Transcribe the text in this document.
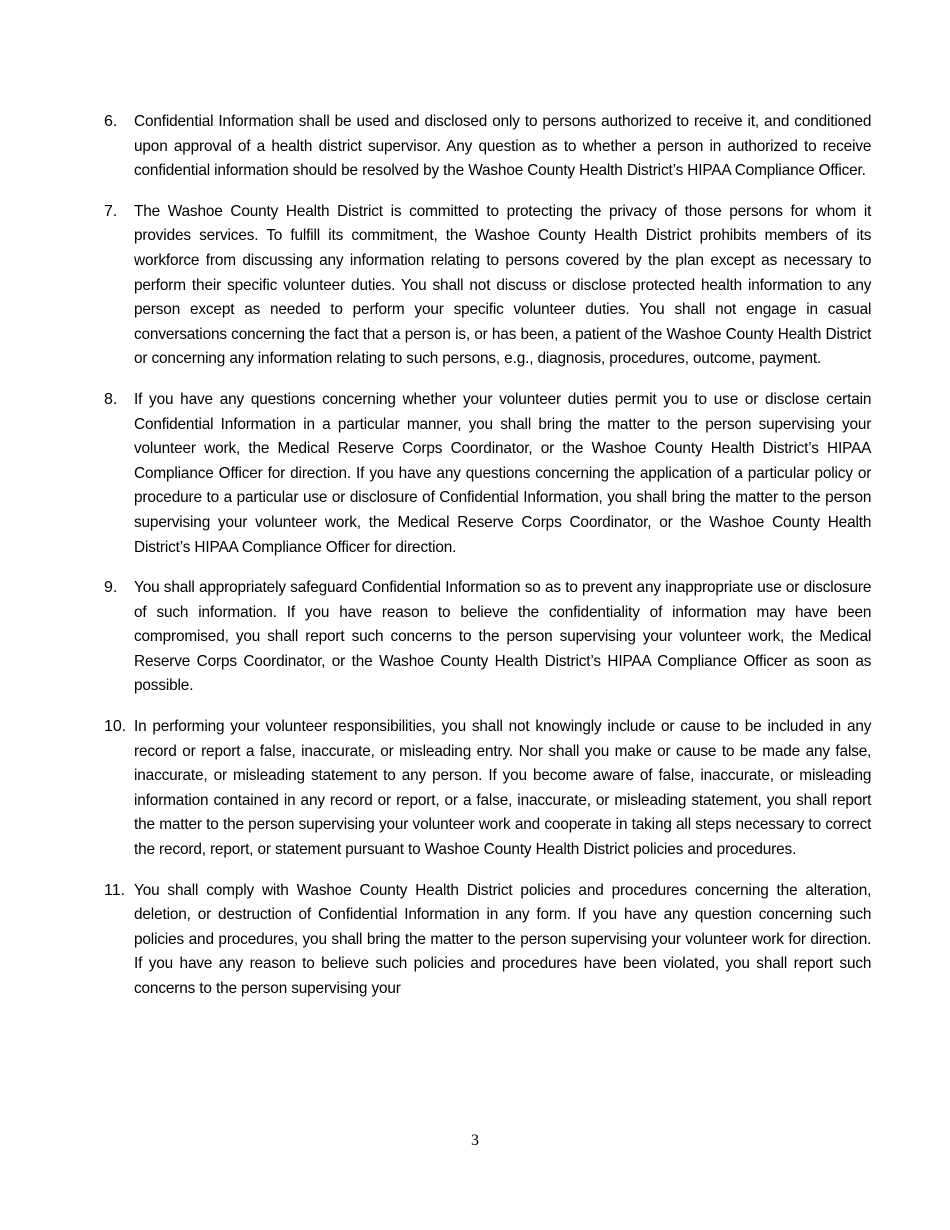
6.	Confidential Information shall be used and disclosed only to persons authorized to receive it, and conditioned upon approval of a health district supervisor. Any question as to whether a person in authorized to receive confidential information should be resolved by the Washoe County Health District’s HIPAA Compliance Officer.

7.	The Washoe County Health District is committed to protecting the privacy of those persons for whom it provides services. To fulfill its commitment, the Washoe County Health District prohibits members of its workforce from discussing any information relating to persons covered by the plan except as necessary to perform their specific volunteer duties. You shall not discuss or disclose protected health information to any person except as needed to perform your specific volunteer duties. You shall not engage in casual conversations concerning the fact that a person is, or has been, a patient of the Washoe County Health District or concerning any information relating to such persons, e.g., diagnosis, procedures, outcome, payment.

8.	If you have any questions concerning whether your volunteer duties permit you to use or disclose certain Confidential Information in a particular manner, you shall bring the matter to the person supervising your volunteer work, the Medical Reserve Corps Coordinator, or the Washoe County Health District’s HIPAA Compliance Officer for direction. If you have any questions concerning the application of a particular policy or procedure to a particular use or disclosure of Confidential Information, you shall bring the matter to the person supervising your volunteer work, the Medical Reserve Corps Coordinator, or the Washoe County Health District’s HIPAA Compliance Officer for direction.

9.	You shall appropriately safeguard Confidential Information so as to prevent any inappropriate use or disclosure of such information. If you have reason to believe the confidentiality of information may have been compromised, you shall report such concerns to the person supervising your volunteer work, the Medical Reserve Corps Coordinator, or the Washoe County Health District’s HIPAA Compliance Officer as soon as possible.

10. In performing your volunteer responsibilities, you shall not knowingly include or cause to be included in any record or report a false, inaccurate, or misleading entry. Nor shall you make or cause to be made any false, inaccurate, or misleading statement to any person. If you become aware of false, inaccurate, or misleading information contained in any record or report, or a false, inaccurate, or misleading statement, you shall report the matter to the person supervising your volunteer work and cooperate in taking all steps necessary to correct the record, report, or statement pursuant to Washoe County Health District policies and procedures.

11. You shall comply with Washoe County Health District policies and procedures concerning the alteration, deletion, or destruction of Confidential Information in any form. If you have any question concerning such policies and procedures, you shall bring the matter to the person supervising your volunteer work for direction. If you have any reason to believe such policies and procedures have been violated, you shall report such concerns to the person supervising your

3
